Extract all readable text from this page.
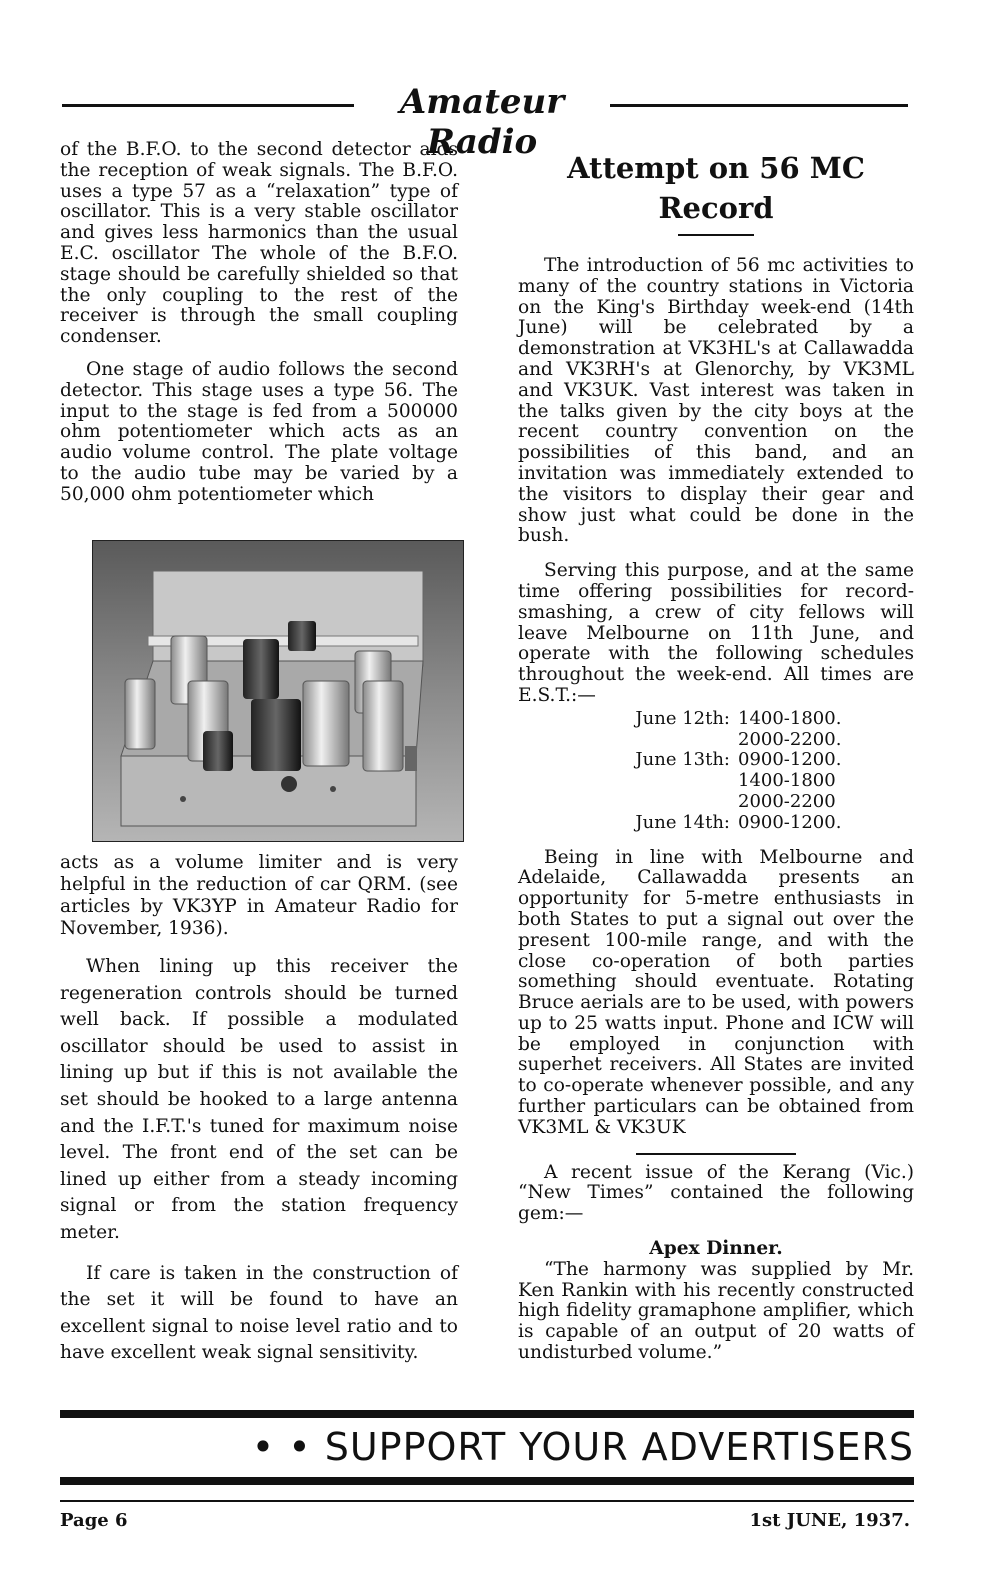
Amateur Radio

of the B.F.O. to the second detector aids the reception of weak signals. The B.F.O. uses a type 57 as a “relaxation” type of oscillator. This is a very stable oscillator and gives less harmonics than the usual E.C. oscillator The whole of the B.F.O. stage should be carefully shielded so that the only coupling to the rest of the receiver is through the small coupling condenser.

One stage of audio follows the second detector. This stage uses a type 56. The input to the stage is fed from a 500000 ohm potentiometer which acts as an audio volume control. The plate voltage to the audio tube may be varied by a 50,000 ohm potentiometer which

acts as a volume limiter and is very helpful in the reduction of car QRM. (see articles by VK3YP in Amateur Radio for November, 1936).

When lining up this receiver the regeneration controls should be turned well back. If possible a modulated oscillator should be used to assist in lining up but if this is not available the set should be hooked to a large antenna and the I.F.T.'s tuned for maximum noise level. The front end of the set can be lined up either from a steady incoming signal or from the station frequency meter.

If care is taken in the construction of the set it will be found to have an excellent signal to noise level ratio and to have excellent weak signal sensitivity.

Attempt on 56 MC Record

The introduction of 56 mc activities to many of the country stations in Victoria on the King's Birthday week-end (14th June) will be celebrated by a demonstration at VK3HL's at Callawadda and VK3RH's at Glenorchy, by VK3ML and VK3UK. Vast interest was taken in the talks given by the city boys at the recent country convention on the possibilities of this band, and an invitation was immediately extended to the visitors to display their gear and show just what could be done in the bush.

Serving this purpose, and at the same time offering possibilities for record-smashing, a crew of city fellows will leave Melbourne on 11th June, and operate with the following schedules throughout the week-end. All times are E.S.T.:—

June 12th: 1400-1800.
2000-2200.
June 13th: 0900-1200.
1400-1800
2000-2200
June 14th: 0900-1200.

Being in line with Melbourne and Adelaide, Callawadda presents an opportunity for 5-metre enthusiasts in both States to put a signal out over the present 100-mile range, and with the close co-operation of both parties something should eventuate. Rotating Bruce aerials are to be used, with powers up to 25 watts input. Phone and ICW will be employed in conjunction with superhet receivers. All States are invited to co-operate whenever possible, and any further particulars can be obtained from VK3ML & VK3UK

A recent issue of the Kerang (Vic.) “New Times” contained the following gem:—

Apex Dinner.

“The harmony was supplied by Mr. Ken Rankin with his recently constructed high fidelity gramaphone amplifier, which is capable of an output of 20 watts of undisturbed volume.”

• • SUPPORT YOUR ADVERTISERS
Page 6	1st JUNE, 1937.
